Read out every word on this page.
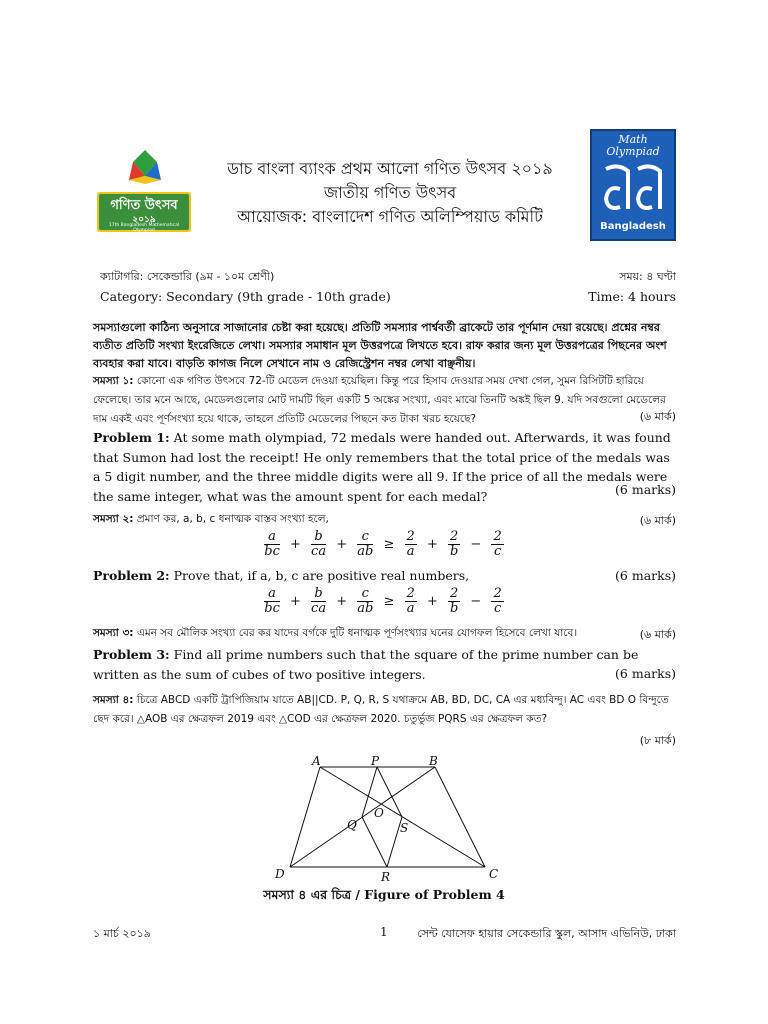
গণিত উৎসব
২০১৯
17th Bangladesh Mathematical Olympiad
ডাচ বাংলা ব্যাংক প্রথম আলো গণিত উৎসব ২০১৯
জাতীয় গণিত উৎসব
আয়োজক: বাংলাদেশ গণিত অলিম্পিয়াড কমিটি
Math
Olympiad
Bangladesh
ক্যাটাগরি: সেকেন্ডারি (৯ম - ১০ম শ্রেণী)	সময়: ৪ ঘণ্টা
Category: Secondary (9th grade - 10th grade)	Time: 4 hours
সমস্যাগুলো কাঠিন্য অনুসারে সাজানোর চেষ্টা করা হয়েছে। প্রতিটি সমস্যার পার্শ্ববর্তী ব্রাকেটে তার পূর্ণমান দেয়া রয়েছে। প্রশ্নের নম্বর ব্যতীত প্রতিটি সংখ্যা ইংরেজিতে লেখা। সমস্যার সমাধান মূল উত্তরপত্রে লিখতে হবে। রাফ করার জন্য মূল উত্তরপত্রের পিছনের অংশ ব্যবহার করা যাবে। বাড়তি কাগজ নিলে সেখানে নাম ও রেজিস্ট্রেশন নম্বর লেখা বাঞ্ছনীয়।
সমস্যা ১: কোনো এক গণিত উৎসবে 72-টি মেডেল দেওয়া হয়েছিল। কিন্তু পরে হিসাব দেওয়ার সময় দেখা গেল, সুমন রিসিটটি হারিয়ে ফেলেছে। তার মনে আছে, মেডেলগুলোর মোট দামটি ছিল একটি 5 অঙ্কের সংখ্যা, এবং মাঝে তিনটি অঙ্কই ছিল 9. যদি সবগুলো মেডেলের দাম একই এবং পূর্ণসংখ্যা হয়ে থাকে, তাহলে প্রতিটি মেডেলের পিছনে কত টাকা খরচ হয়েছে?	(৬ মার্ক)
Problem 1: At some math olympiad, 72 medals were handed out. Afterwards, it was found that Sumon had lost the receipt! He only remembers that the total price of the medals was a 5 digit number, and the three middle digits were all 9. If the price of all the medals were the same integer, what was the amount spent for each medal?	(6 marks)
সমস্যা ২: প্রমাণ কর, a, b, c ধনাত্মক বাস্তব সংখ্যা হলে,	(৬ মার্ক)
$\frac{a}{bc} + \frac{b}{ca} + \frac{c}{ab} \ge \frac{2}{a} + \frac{2}{b} - \frac{2}{c}$
Problem 2: Prove that, if a, b, c are positive real numbers,	(6 marks)
$\frac{a}{bc} + \frac{b}{ca} + \frac{c}{ab} \ge \frac{2}{a} + \frac{2}{b} - \frac{2}{c}$
সমস্যা ৩: এমন সব মৌলিক সংখ্যা বের কর যাদের বর্গকে দুটি ধনাত্মক পূর্ণসংখ্যার ঘনের যোগফল হিসেবে লেখা যাবে।	(৬ মার্ক)
Problem 3: Find all prime numbers such that the square of the prime number can be written as the sum of cubes of two positive integers.	(6 marks)
সমস্যা ৪: চিত্রে ABCD একটি ট্রাপিজিয়াম যাতে AB||CD. P, Q, R, S যথাক্রমে AB, BD, DC, CA এর মধ্যবিন্দু। AC এবং BD O বিন্দুতে ছেদ করে। △AOB এর ক্ষেত্রফল 2019 এবং △COD এর ক্ষেত্রফল 2020. চতুর্ভুজ PQRS এর ক্ষেত্রফল কত?
(৮ মার্ক)
A	P	B
O
Q	S
D	R	C
সমস্যা ৪ এর চিত্র / Figure of Problem 4
১ মার্চ ২০১৯	1	সেন্ট যোসেফ হায়ার সেকেন্ডারি স্কুল, আসাদ এভিনিউ, ঢাকা
